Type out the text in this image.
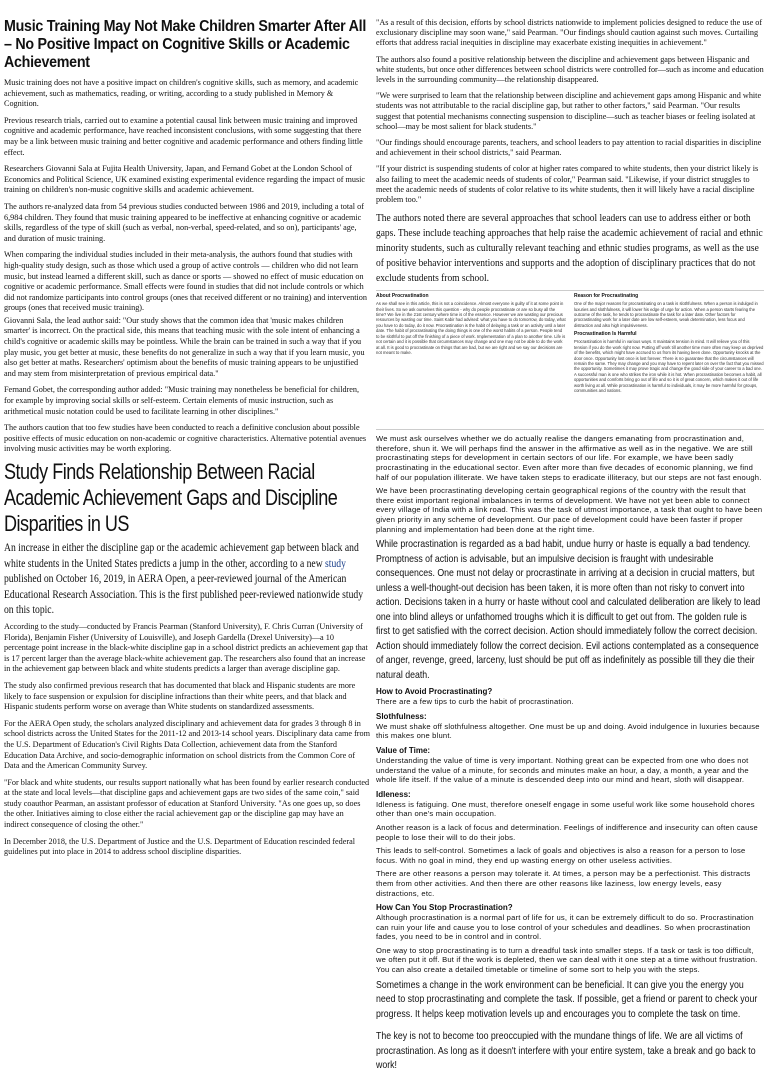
Music Training May Not Make Children Smarter After All – No Positive Impact on Cognitive Skills or Academic Achievement

Music training does not have a positive impact on children's cognitive skills, such as memory, and academic achievement, such as mathematics, reading, or writing, according to a study published in Memory & Cognition.

Previous research trials, carried out to examine a potential causal link between music training and improved cognitive and academic performance, have reached inconsistent conclusions, with some suggesting that there may be a link between music training and better cognitive and academic performance and others finding little effect.

Researchers Giovanni Sala at Fujita Health University, Japan, and Fernand Gobet at the London School of Economics and Political Science, UK examined existing experimental evidence regarding the impact of music training on children's non-music cognitive skills and academic achievement.

The authors re-analyzed data from 54 previous studies conducted between 1986 and 2019, including a total of 6,984 children. They found that music training appeared to be ineffective at enhancing cognitive or academic skills, regardless of the type of skill (such as verbal, non-verbal, speed-related, and so on), participants' age, and duration of music training.

When comparing the individual studies included in their meta-analysis, the authors found that studies with high-quality study design, such as those which used a group of active controls — children who did not learn music, but instead learned a different skill, such as dance or sports — showed no effect of music education on cognitive or academic performance. Small effects were found in studies that did not include controls or which did not randomize participants into control groups (ones that received different or no training) and intervention groups (ones that received music training).

Giovanni Sala, the lead author said: "Our study shows that the common idea that 'music makes children smarter' is incorrect. On the practical side, this means that teaching music with the sole intent of enhancing a child's cognitive or academic skills may be pointless. While the brain can be trained in such a way that if you play music, you get better at music, these benefits do not generalize in such a way that if you learn music, you also get better at maths. Researchers' optimism about the benefits of music training appears to be unjustified and may stem from misinterpretation of previous empirical data."

Fernand Gobet, the corresponding author added: "Music training may nonetheless be beneficial for children, for example by improving social skills or self-esteem. Certain elements of music instruction, such as arithmetical music notation could be used to facilitate learning in other disciplines."

The authors caution that too few studies have been conducted to reach a definitive conclusion about possible positive effects of music education on non-academic or cognitive characteristics. Alternative potential avenues involving music activities may be worth exploring.

Study Finds Relationship Between Racial Academic Achievement Gaps and Discipline Disparities in US

An increase in either the discipline gap or the academic achievement gap between black and white students in the United States predicts a jump in the other, according to a new study published on October 16, 2019, in AERA Open, a peer-reviewed journal of the American Educational Research Association. This is the first published peer-reviewed nationwide study on this topic.

According to the study—conducted by Francis Pearman (Stanford University), F. Chris Curran (University of Florida), Benjamin Fisher (University of Louisville), and Joseph Gardella (Drexel University)—a 10 percentage point increase in the black-white discipline gap in a school district predicts an achievement gap that is 17 percent larger than the average black-white achievement gap. The researchers also found that an increase in the achievement gap between black and white students predicts a larger than average discipline gap.

The study also confirmed previous research that has documented that black and Hispanic students are more likely to face suspension or expulsion for discipline infractions than their white peers, and that black and Hispanic students perform worse on average than White students on standardized assessments.

For the AERA Open study, the scholars analyzed disciplinary and achievement data for grades 3 through 8 in school districts across the United States for the 2011-12 and 2013-14 school years. Disciplinary data came from the U.S. Department of Education's Civil Rights Data Collection, achievement data from the Stanford Education Data Archive, and socio-demographic information on school districts from the Common Core of Data and the American Community Survey.

"For black and white students, our results support nationally what has been found by earlier research conducted at the state and local levels—that discipline gaps and achievement gaps are two sides of the same coin," said study coauthor Pearman, an assistant professor of education at Stanford University. "As one goes up, so does the other. Initiatives aiming to close either the racial achievement gap or the discipline gap may have an indirect consequence of closing the other."

In December 2018, the U.S. Department of Justice and the U.S. Department of Education rescinded federal guidelines put into place in 2014 to address school discipline disparities.

"As a result of this decision, efforts by school districts nationwide to implement policies designed to reduce the use of exclusionary discipline may soon wane," said Pearman. "Our findings should caution against such moves. Curtailing efforts that address racial inequities in discipline may exacerbate existing inequities in achievement."

The authors also found a positive relationship between the discipline and achievement gaps between Hispanic and white students, but once other differences between school districts were controlled for—such as income and education levels in the surrounding community—the relationship disappeared.

"We were surprised to learn that the relationship between discipline and achievement gaps among Hispanic and white students was not attributable to the racial discipline gap, but rather to other factors," said Pearman. "Our results suggest that potential mechanisms connecting suspension to discipline—such as teacher biases or feeling isolated at school—may be most salient for black students."

"Our findings should encourage parents, teachers, and school leaders to pay attention to racial disparities in discipline and achievement in their school districts," said Pearman.

"If your district is suspending students of color at higher rates compared to white students, then your district likely is also failing to meet the academic needs of students of color," Pearman said. "Likewise, if your district struggles to meet the academic needs of students of color relative to its white students, then it will likely have a racial discipline problem too."

The authors noted there are several approaches that school leaders can use to address either or both gaps. These include teaching approaches that help raise the academic achievement of racial and ethnic minority students, such as culturally relevant teaching and ethnic studies programs, as well as the use of positive behavior interventions and supports and the adoption of disciplinary practices that do not exclude students from school.

About Procrastination

As we shall see in this article, this is not a coincidence. Almost everyone is guilty of it at some point in their lives. So we ask ourselves this question - why do people procrastinate or are so busy all the time? We live in the 21st century where time is of the essence. However we are wasting our precious resources by wasting our time. Saint Kabir had advised: what you have to do tomorrow, do today, what you have to do today, do it now. Procrastination is the habit of delaying a task or an activity until a later date. The habit of procrastinating the doing things is one of the worst habits of a person. People tend to be slothful to put off the finishing of a piece of work. Implementation of a plan to another time. Life is not certain and it is possible that circumstances may change and one may not be able to do the work at all. It is good to procrastinate on things that are bad, but we are right and we say our decisions are not meant to make.

Reason for Procrastinating

One of the major reasons for procrastinating on a task is slothfulness. When a person is indulged in luxuries and slothfulness, it will lower his edge of urge for action. When a person starts fearing the outcome of the task, he tends to procrastinate the task for a later date. Other factors for procrastinating work for a later date are low self-esteem, weak determination, less focus and distraction and also high impulsiveness.

Procrastination Is Harmful

Procrastination is harmful in various ways. It maintains tension in mind. It will relieve you of this tension if you do the work right now. Putting off work till another time more often may keep us deprived of the benefits, which might have accrued to us from its having been done. Opportunity knocks at the door once. Opportunity lost once is lost forever. There is no guarantee that the circumstances will remain the same. They may change and you may have to repent later on over the fact that you missed the opportunity. Sometimes it may prove tragic and change the good side of your career to a bad one. A successful man is one who strikes the iron while it is hot. When procrastination becomes a habit, all opportunities and comforts bring go out of life and so it is of great concern, which makes it out of life worth living at all. While procrastination is harmful to individuals, it may be more harmful for groups, communities and nations.

We must ask ourselves whether we do actually realise the dangers emanating from procrastination and, therefore, shun it. We will perhaps find the answer in the affirmative as well as in the negative. We are still procrastinating steps for development in certain sectors of our life. For example, we have been sadly procrastinating in the educational sector. Even after more than five decades of economic planning, we find half of our population illiterate. We have taken steps to eradicate illiteracy, but our steps are not fast enough.

We have been procrastinating developing certain geographical regions of the country with the result that there exist important regional imbalances in terms of development. We have not yet been able to connect every village of India with a link road. This was the task of utmost importance, a task that ought to have been given priority in any scheme of development. Our pace of development could have been faster if proper planning and implementation had been done at the right time.

While procrastination is regarded as a bad habit, undue hurry or haste is equally a bad tendency. Promptness of action is advisable, but an impulsive decision is fraught with undesirable consequences. One must not delay or procrastinate in arriving at a decision in crucial matters, but unless a well-thought-out decision has been taken, it is more often than not risky to convert into action. Decisions taken in a hurry or haste without cool and calculated deliberation are likely to lead one into blind alleys or unfathomed troughs which it is difficult to get out from. The golden rule is first to get satisfied with the correct decision. Action should immediately follow the correct decision. Action should immediately follow the correct decision. Evil actions contemplated as a consequence of anger, revenge, greed, larceny, lust should be put off as indefinitely as possible till they die their natural death.

How to Avoid Procrastinating?

There are a few tips to curb the habit of procrastination.

Slothfulness:

We must shake off slothfulness altogether. One must be up and doing. Avoid indulgence in luxuries because this makes one blunt.

Value of Time:

Understanding the value of time is very important. Nothing great can be expected from one who does not understand the value of a minute, for seconds and minutes make an hour, a day, a month, a year and the whole life itself. If the value of a minute is descended deep into our mind and heart, sloth will disappear.

Idleness:

Idleness is fatiguing. One must, therefore oneself engage in some useful work like some household chores other than one's main occupation.

Another reason is a lack of focus and determination. Feelings of indifference and insecurity can often cause people to lose their will to do their jobs.

This leads to self-control. Sometimes a lack of goals and objectives is also a reason for a person to lose focus. With no goal in mind, they end up wasting energy on other useless activities.

There are other reasons a person may tolerate it. At times, a person may be a perfectionist. This distracts them from other activities. And then there are other reasons like laziness, low energy levels, easy distractions, etc.

How Can You Stop Procrastination?

Although procrastination is a normal part of life for us, it can be extremely difficult to do so. Procrastination can ruin your life and cause you to lose control of your schedules and deadlines. So when procrastination fades, you need to be in control and in control.

One way to stop procrastinating is to turn a dreadful task into smaller steps. If a task or task is too difficult, we often put it off. But if the work is depleted, then we can deal with it one step at a time without frustration. You can also create a detailed timetable or timeline of some sort to help you with the steps.

Sometimes a change in the work environment can be beneficial. It can give you the energy you need to stop procrastinating and complete the task. If possible, get a friend or parent to check your progress. It helps keep motivation levels up and encourages you to complete the task on time.

The key is not to become too preoccupied with the mundane things of life. We are all victims of procrastination. As long as it doesn't interfere with your entire system, take a break and go back to work!
